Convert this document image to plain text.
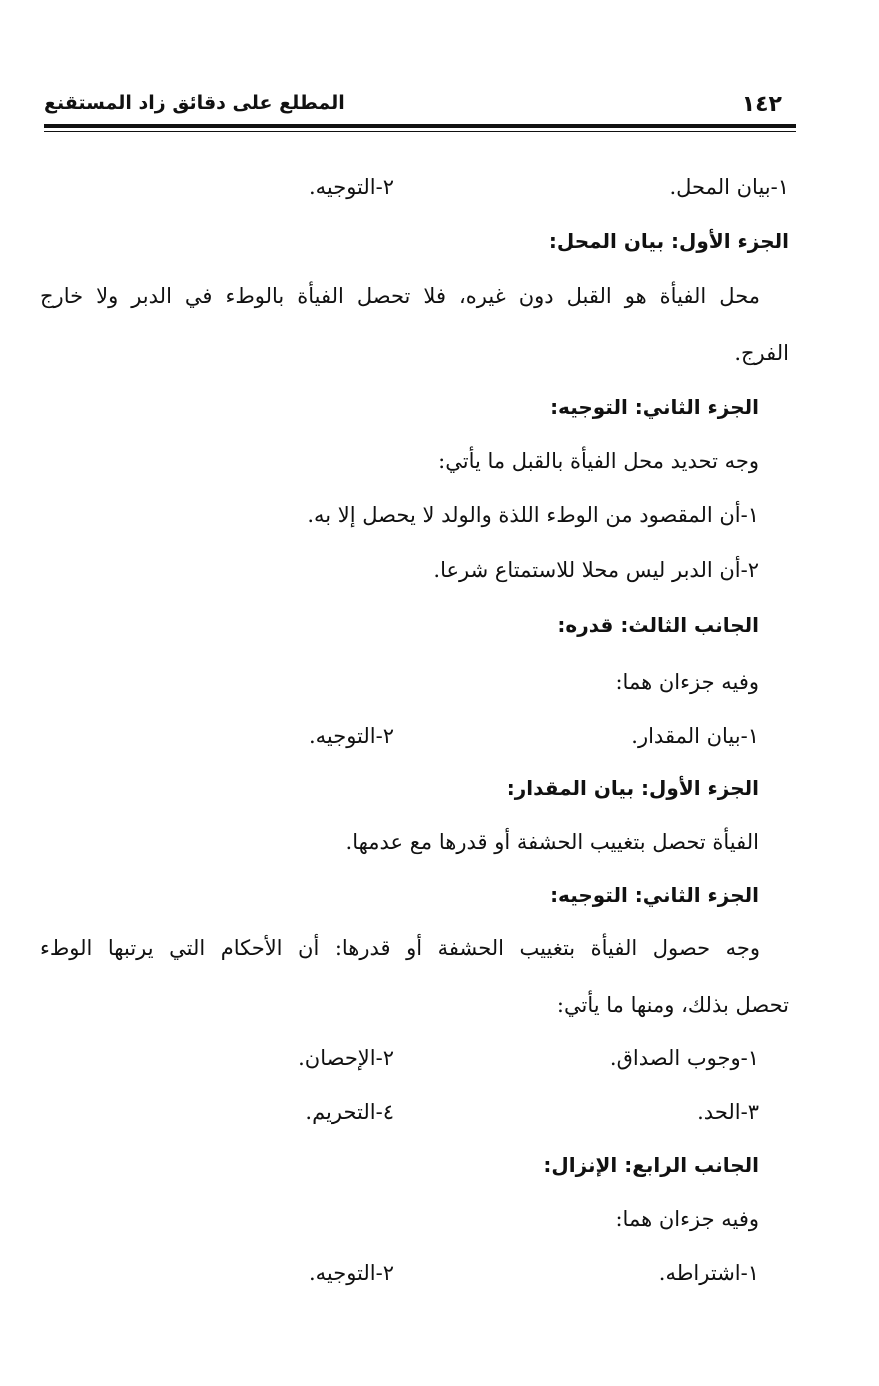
١٤٢
المطلع على دقائق زاد المستقنع
١-بيان المحل.
٢-التوجيه.
الجزء الأول: بيان المحل:
محل الفيأة هو القبل دون غيره، فلا تحصل الفيأة بالوطء في الدبر ولا خارج
الفرج.
الجزء الثاني: التوجيه:
وجه تحديد محل الفيأة بالقبل ما يأتي:
١-أن المقصود من الوطء اللذة والولد لا يحصل إلا به.
٢-أن الدبر ليس محلا للاستمتاع شرعا.
الجانب الثالث: قدره:
وفيه جزءان هما:
١-بيان المقدار.
٢-التوجيه.
الجزء الأول: بيان المقدار:
الفيأة تحصل بتغييب الحشفة أو قدرها مع عدمها.
الجزء الثاني: التوجيه:
وجه حصول الفيأة بتغييب الحشفة أو قدرها: أن الأحكام التي يرتبها الوطء
تحصل بذلك، ومنها ما يأتي:
١-وجوب الصداق.
٢-الإحصان.
٣-الحد.
٤-التحريم.
الجانب الرابع: الإنزال:
وفيه جزءان هما:
١-اشتراطه.
٢-التوجيه.
